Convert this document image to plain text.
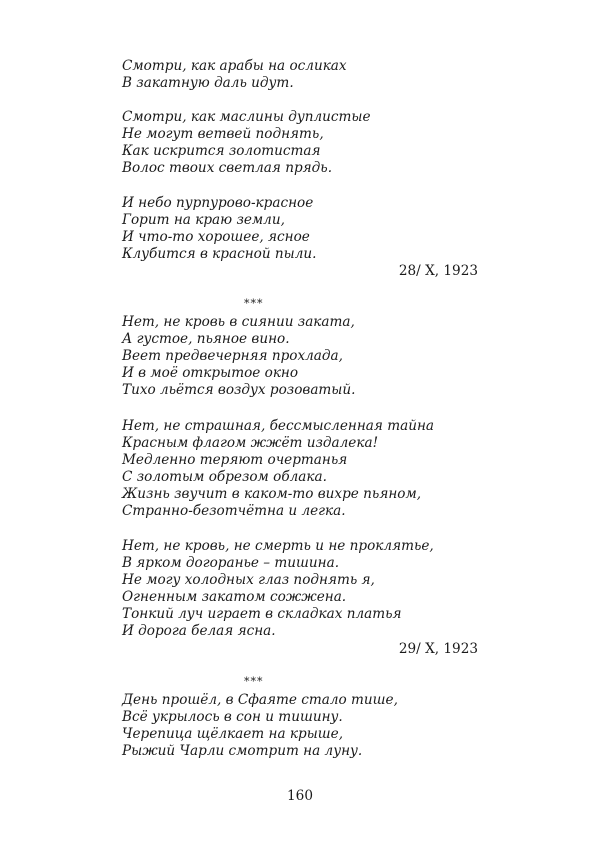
Смотри, как арабы на осликах
В закатную даль идут.
Смотри, как маслины дуплистые
Не могут ветвей поднять,
Как искрится золотистая
Волос твоих светлая прядь.
И небо пурпурово-красное
Горит на краю земли,
И что-то хорошее, ясное
Клубится в красной пыли.

28/ X, 1923

***

Нет, не кровь в сиянии заката,
А густое, пьяное вино.
Веет предвечерняя прохлада,
И в моё открытое окно
Тихо льётся воздух розоватый.
Нет, не страшная, бессмысленная тайна
Красным флагом жжёт издалека!
Медленно теряют очертанья
С золотым обрезом облака.
Жизнь звучит в каком-то вихре пьяном,
Странно-безотчётна и легка.
Нет, не кровь, не смерть и не проклятье,
В ярком догоранье – тишина.
Не могу холодных глаз поднять я,
Огненным закатом сожжена.
Тонкий луч играет в складках платья
И дорога белая ясна.

29/ X, 1923

***

День прошёл, в Сфаяте стало тише,
Всё укрылось в сон и тишину.
Черепица щёлкает на крыше,
Рыжий Чарли смотрит на луну.

160
